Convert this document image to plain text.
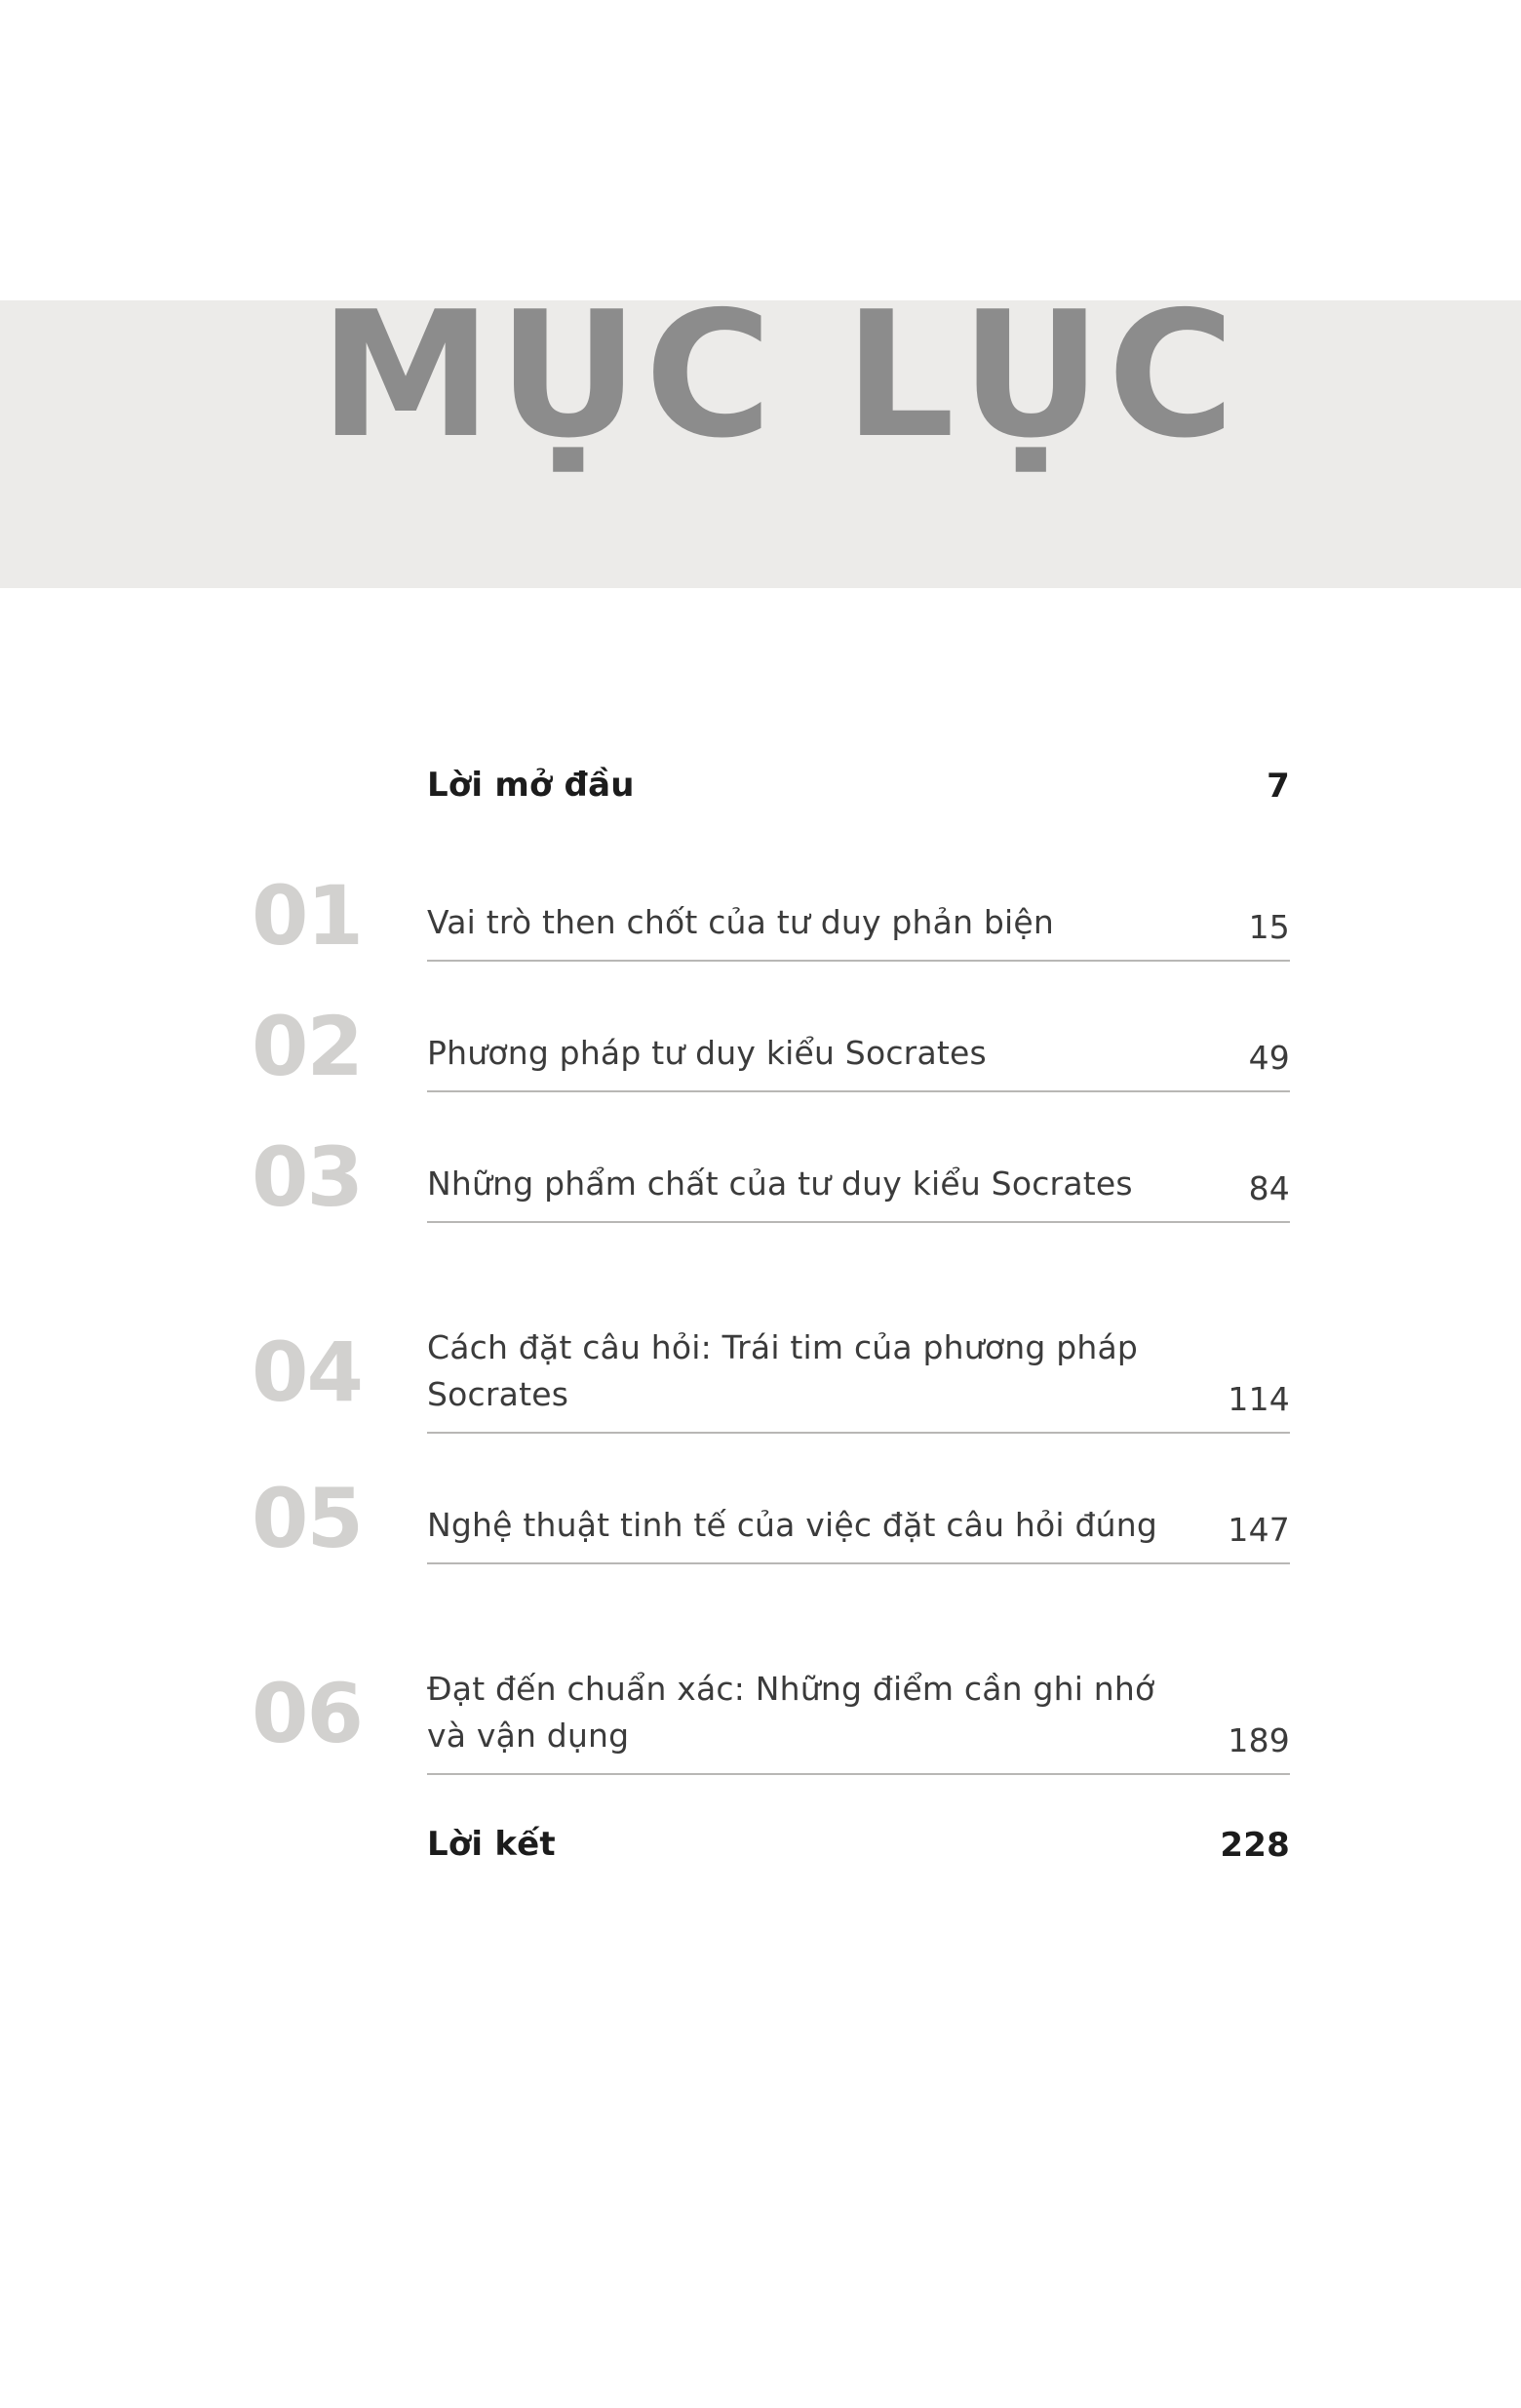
MỤC LỤC
Lời mở đầu	7
01	Vai trò then chốt của tư duy phản biện	15
02	Phương pháp tư duy kiểu Socrates	49
03	Những phẩm chất của tư duy kiểu Socrates	84
04	Cách đặt câu hỏi: Trái tim của phương pháp Socrates	114
05	Nghệ thuật tinh tế của việc đặt câu hỏi đúng	147
06	Đạt đến chuẩn xác: Những điểm cần ghi nhớ và vận dụng	189
Lời kết	228
